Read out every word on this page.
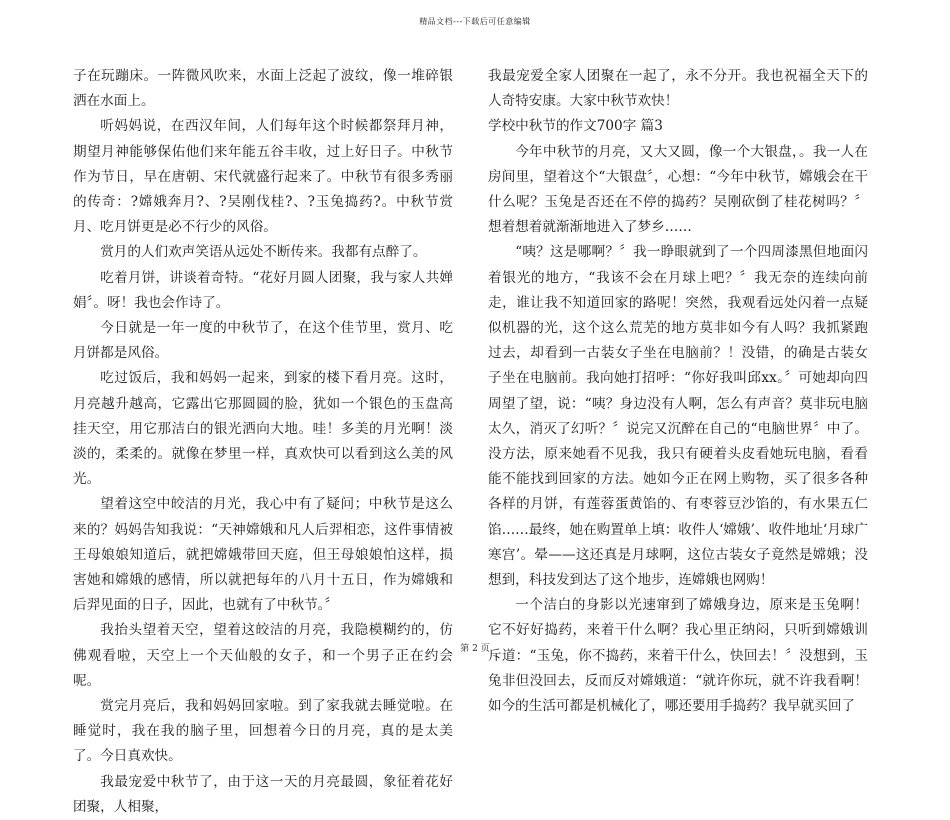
精品文档---下载后可任意编辑

子在玩蹦床。一阵微风吹来，水面上泛起了波纹，像一堆碎银洒在水面上。

听妈妈说，在西汉年间，人们每年这个时候都祭拜月神，期望月神能够保佑他们来年能五谷丰收，过上好日子。中秋节作为节日，早在唐朝、宋代就盛行起来了。中秋节有很多秀丽的传奇：?嫦娥奔月?、?吴刚伐桂?、?玉兔捣药?。中秋节赏月、吃月饼更是必不行少的风俗。

赏月的人们欢声笑语从远处不断传来。我都有点醉了。

吃着月饼，讲谈着奇特。“花好月圆人团聚，我与家人共婵娟〞。呀！我也会作诗了。

今日就是一年一度的中秋节了，在这个佳节里，赏月、吃月饼都是风俗。

吃过饭后，我和妈妈一起来，到家的楼下看月亮。这时，月亮越升越高，它露出它那圆圆的脸，犹如一个银色的玉盘高挂天空，用它那洁白的银光洒向大地。哇！多美的月光啊！淡淡的，柔柔的。就像在梦里一样，真欢快可以看到这么美的风光。

望着这空中皎洁的月光，我心中有了疑问；中秋节是这么来的？妈妈告知我说：“天神嫦娥和凡人后羿相恋，这件事情被王母娘娘知道后，就把嫦娥带回天庭，但王母娘娘怕这样，损害她和嫦娥的感情，所以就把每年的八月十五日，作为嫦娥和后羿见面的日子，因此，也就有了中秋节。〞

我抬头望着天空，望着这皎洁的月亮，我隐模糊约的，仿佛观看啦，天空上一个天仙般的女子，和一个男子正在约会呢。

赏完月亮后，我和妈妈回家啦。到了家我就去睡觉啦。在睡觉时，我在我的脑子里，回想着今日的月亮，真的是太美了。今日真欢快。

我最宠爱中秋节了，由于这一天的月亮最圆，象征着花好团聚，人相聚，

我最宠爱全家人团聚在一起了，永不分开。我也祝福全天下的人奇特安康。大家中秋节欢快！

学校中秋节的作文700字 篇3

今年中秋节的月亮，又大又圆，像一个大银盘，。我一人在房间里，望着这个“大银盘〞，心想：“今年中秋节，嫦娥会在干什么呢？玉兔是否还在不停的捣药？吴刚砍倒了桂花树吗？〞想着想着就渐渐地进入了梦乡……

“咦？这是哪啊？〞我一睁眼就到了一个四周漆黑但地面闪着银光的地方，“我该不会在月球上吧？〞我无奈的连续向前走，谁让我不知道回家的路呢！突然，我观看远处闪着一点疑似机器的光，这个这么荒芜的地方莫非如今有人吗？我抓紧跑过去，却看到一古装女子坐在电脑前？！没错，的确是古装女子坐在电脑前。我向她打招呼：“你好我叫邱xx。〞可她却向四周望了望，说：“咦？身边没有人啊，怎么有声音？莫非玩电脑太久，消灭了幻听？〞说完又沉醉在自己的“电脑世界〞中了。没方法，原来她看不见我，我只有硬着头皮看她玩电脑，看看能不能找到回家的方法。她如今正在网上购物，买了很多各种各样的月饼，有莲蓉蛋黄馅的、有枣蓉豆沙馅的，有水果五仁馅……最终，她在购置单上填：收件人‘嫦娥’、收件地址‘月球广寒宫’。晕——这还真是月球啊，这位古装女子竟然是嫦娥；没想到，科技发到达了这个地步，连嫦娥也网购！

一个洁白的身影以光速窜到了嫦娥身边，原来是玉兔啊！它不好好捣药，来着干什么啊？我心里正纳闷，只听到嫦娥训斥道：“玉兔，你不捣药，来着干什么，快回去！〞没想到，玉兔非但没回去，反而反对嫦娥道：“就许你玩，就不许我看啊！如今的生活可都是机械化了，哪还要用手捣药？我早就买回了

第 2 页
